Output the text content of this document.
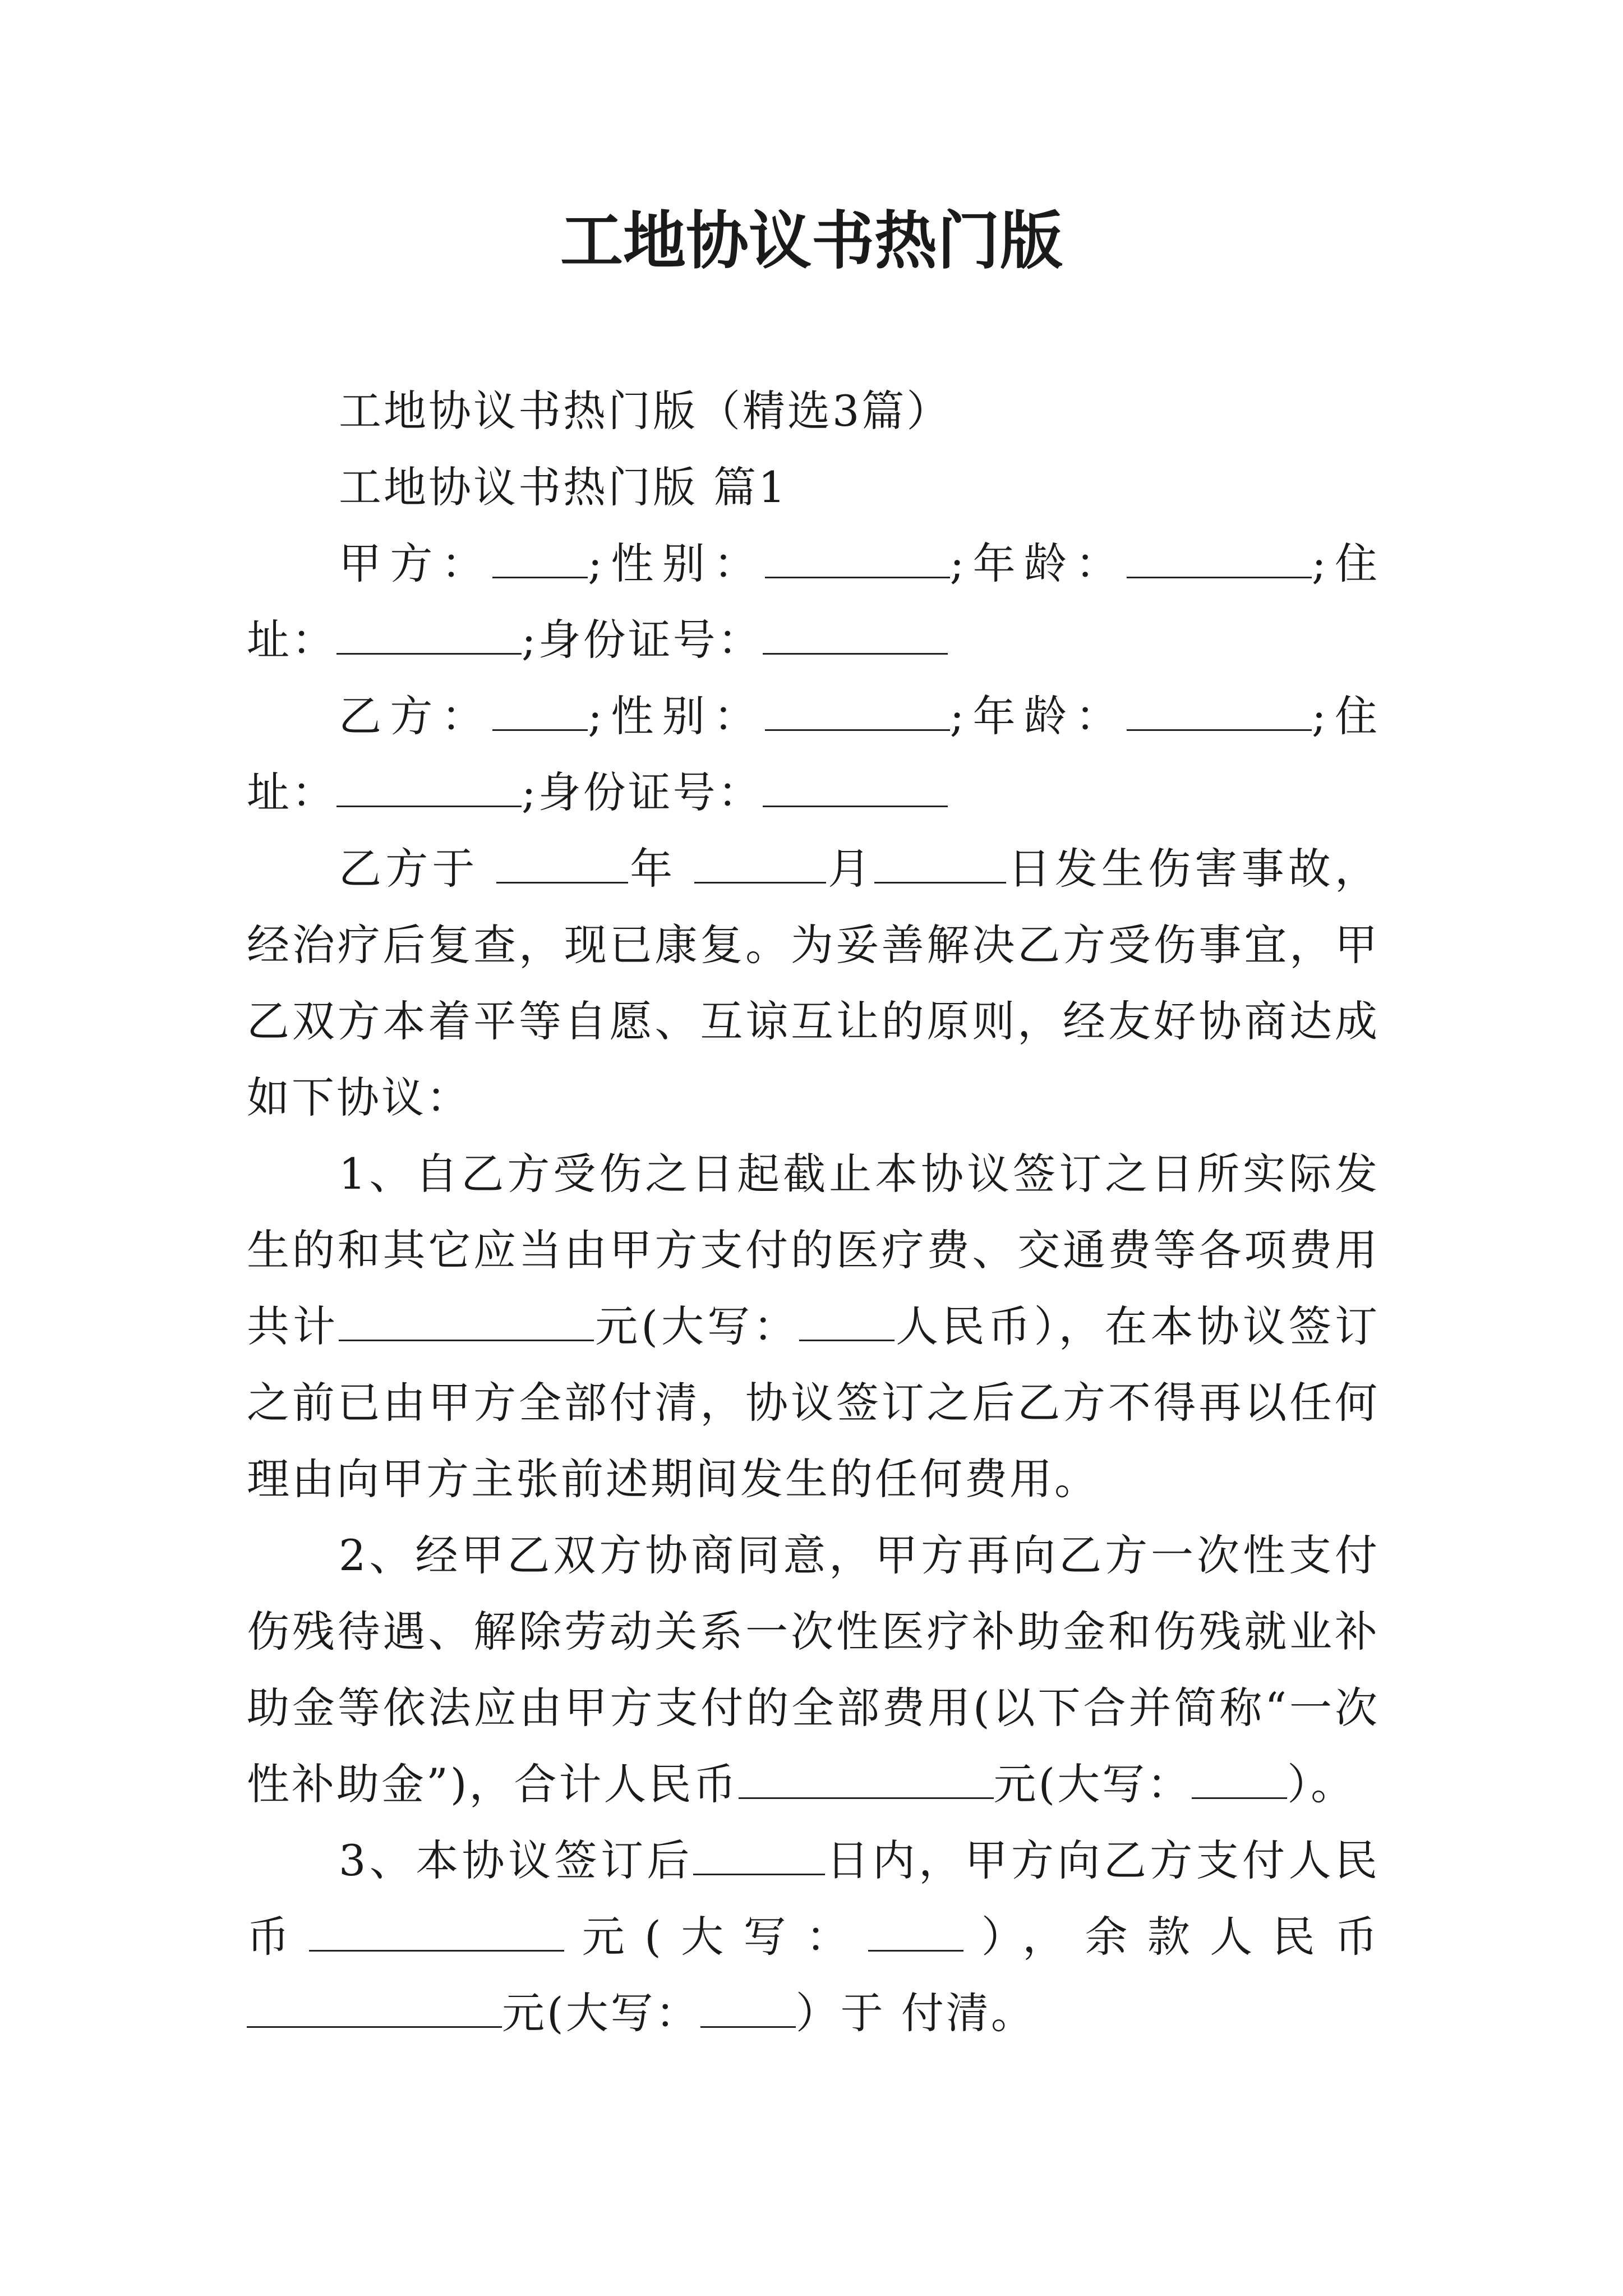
工地协议书热门版

工地协议书热门版（精选3篇）

工地协议书热门版 篇1

甲方： ;性别：	;年龄：	;住址：	;身份证号：

乙方： ;性别：	;年龄：	;住址：	;身份证号：

乙方于	年	月	日发生伤害事故，经治疗后复查，现已康复。为妥善解决乙方受伤事宜，甲乙双方本着平等自愿、互谅互让的原则，经友好协商达成如下协议：

1、自乙方受伤之日起截止本协议签订之日所实际发生的和其它应当由甲方支付的医疗费、交通费等各项费用共计	元(大写： 人民币），在本协议签订之前已由甲方全部付清，协议签订之后乙方不得再以任何理由向甲方主张前述期间发生的任何费用。

2、经甲乙双方协商同意，甲方再向乙方一次性支付伤残待遇、解除劳动关系一次性医疗补助金和伤残就业补助金等依法应由甲方支付的全部费用(以下合并简称“一次性补助金”)，合计人民币	元(大写： ）。

3、本协议签订后	日内，甲方向乙方支付人民币	元(大写： ），余款人民币元(大写： ）于 付清。
